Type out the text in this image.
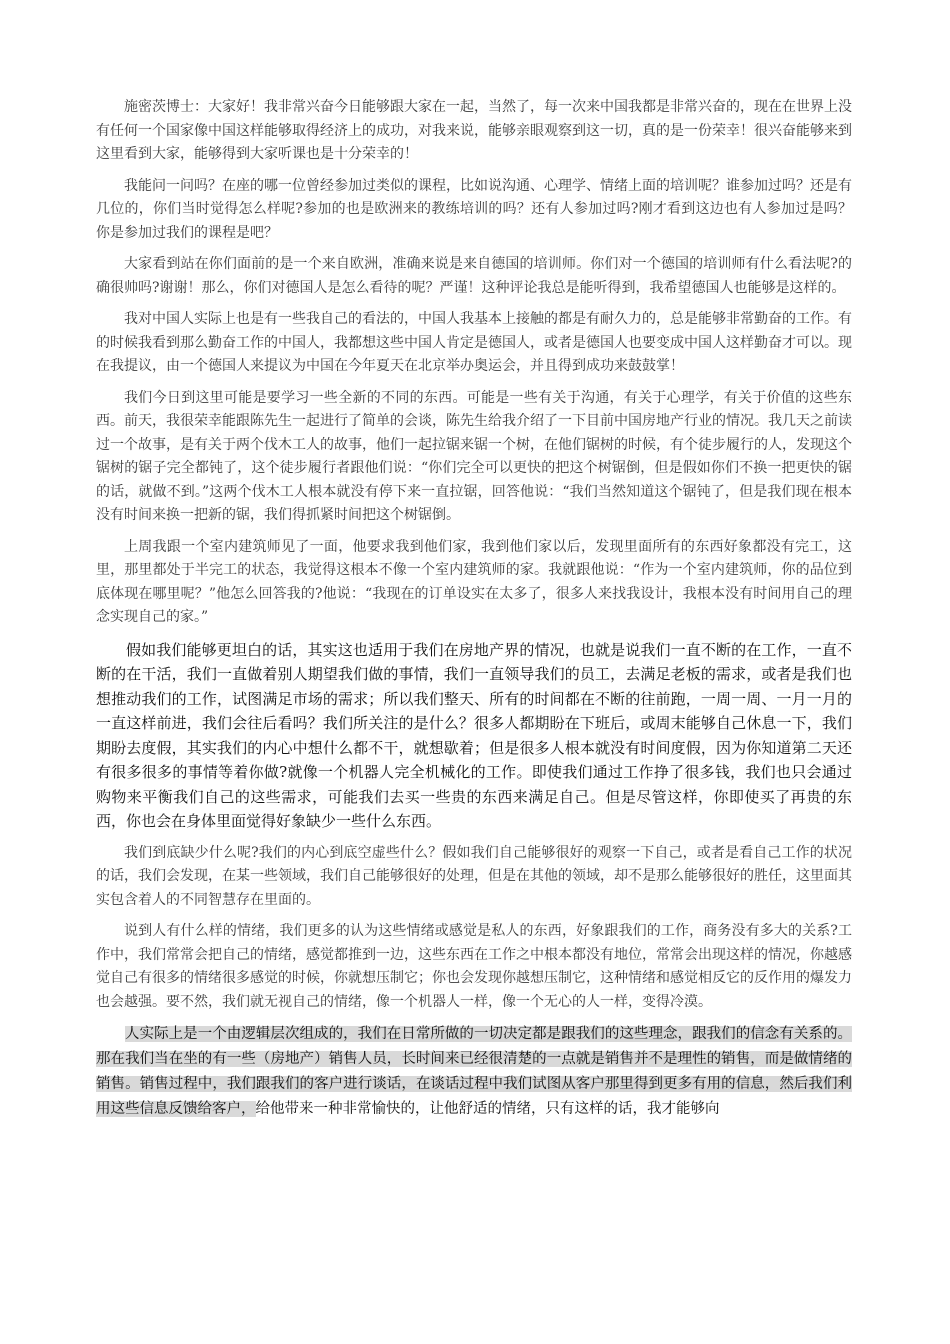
施密茨博士：大家好！我非常兴奋今日能够跟大家在一起，当然了，每一次来中国我都是非常兴奋的，现在在世界上没有任何一个国家像中国这样能够取得经济上的成功，对我来说，能够亲眼观察到这一切，真的是一份荣幸！很兴奋能够来到这里看到大家，能够得到大家听课也是十分荣幸的！

我能问一问吗？在座的哪一位曾经参加过类似的课程，比如说沟通、心理学、情绪上面的培训呢？谁参加过吗？还是有几位的，你们当时觉得怎么样呢?参加的也是欧洲来的教练培训的吗？还有人参加过吗?刚才看到这边也有人参加过是吗？你是参加过我们的课程是吧？

大家看到站在你们面前的是一个来自欧洲，准确来说是来自德国的培训师。你们对一个德国的培训师有什么看法呢?的确很帅吗?谢谢！那么，你们对德国人是怎么看待的呢？严谨！这种评论我总是能听得到，我希望德国人也能够是这样的。

我对中国人实际上也是有一些我自己的看法的，中国人我基本上接触的都是有耐久力的，总是能够非常勤奋的工作。有的时候我看到那么勤奋工作的中国人，我都想这些中国人肯定是德国人，或者是德国人也要变成中国人这样勤奋才可以。现在我提议，由一个德国人来提议为中国在今年夏天在北京举办奥运会，并且得到成功来鼓鼓掌！

我们今日到这里可能是要学习一些全新的不同的东西。可能是一些有关于沟通，有关于心理学，有关于价值的这些东西。前天，我很荣幸能跟陈先生一起进行了简单的会谈，陈先生给我介绍了一下目前中国房地产行业的情况。我几天之前读过一个故事，是有关于两个伐木工人的故事，他们一起拉锯来锯一个树，在他们锯树的时候，有个徒步履行的人，发现这个锯树的锯子完全都钝了，这个徒步履行者跟他们说：“你们完全可以更快的把这个树锯倒，但是假如你们不换一把更快的锯的话，就做不到。”这两个伐木工人根本就没有停下来一直拉锯，回答他说：“我们当然知道这个锯钝了，但是我们现在根本没有时间来换一把新的锯，我们得抓紧时间把这个树锯倒。

上周我跟一个室内建筑师见了一面，他要求我到他们家，我到他们家以后，发现里面所有的东西好象都没有完工，这里，那里都处于半完工的状态，我觉得这根本不像一个室内建筑师的家。我就跟他说：“作为一个室内建筑师，你的品位到底体现在哪里呢？”他怎么回答我的?他说：“我现在的订单设实在太多了，很多人来找我设计，我根本没有时间用自己的理念实现自己的家。”

假如我们能够更坦白的话，其实这也适用于我们在房地产界的情况，也就是说我们一直不断的在工作，一直不断的在干活，我们一直做着别人期望我们做的事情，我们一直领导我们的员工，去满足老板的需求，或者是我们也想推动我们的工作，试图满足市场的需求；所以我们整天、所有的时间都在不断的往前跑，一周一周、一月一月的一直这样前进，我们会往后看吗？我们所关注的是什么？很多人都期盼在下班后，或周末能够自己休息一下，我们期盼去度假，其实我们的内心中想什么都不干，就想歇着；但是很多人根本就没有时间度假，因为你知道第二天还有很多很多的事情等着你做?就像一个机器人完全机械化的工作。即使我们通过工作挣了很多钱，我们也只会通过购物来平衡我们自己的这些需求，可能我们去买一些贵的东西来满足自己。但是尽管这样，你即使买了再贵的东西，你也会在身体里面觉得好象缺少一些什么东西。

我们到底缺少什么呢?我们的内心到底空虚些什么？假如我们自己能够很好的观察一下自己，或者是看自己工作的状况的话，我们会发现，在某一些领域，我们自己能够很好的处理，但是在其他的领域，却不是那么能够很好的胜任，这里面其实包含着人的不同智慧存在里面的。

说到人有什么样的情绪，我们更多的认为这些情绪或感觉是私人的东西，好象跟我们的工作，商务没有多大的关系?工作中，我们常常会把自己的情绪，感觉都推到一边，这些东西在工作之中根本都没有地位，常常会出现这样的情况，你越感觉自己有很多的情绪很多感觉的时候，你就想压制它；你也会发现你越想压制它，这种情绪和感觉相反它的反作用的爆发力也会越强。要不然，我们就无视自己的情绪，像一个机器人一样，像一个无心的人一样，变得冷漠。

人实际上是一个由逻辑层次组成的，我们在日常所做的一切决定都是跟我们的这些理念，跟我们的信念有关系的。那在我们当在坐的有一些（房地产）销售人员，长时间来已经很清楚的一点就是销售并不是理性的销售，而是做情绪的销售。销售过程中，我们跟我们的客户进行谈话，在谈话过程中我们试图从客户那里得到更多有用的信息，然后我们利用这些信息反馈给客户，给他带来一种非常愉快的，让他舒适的情绪，只有这样的话，我才能够向
